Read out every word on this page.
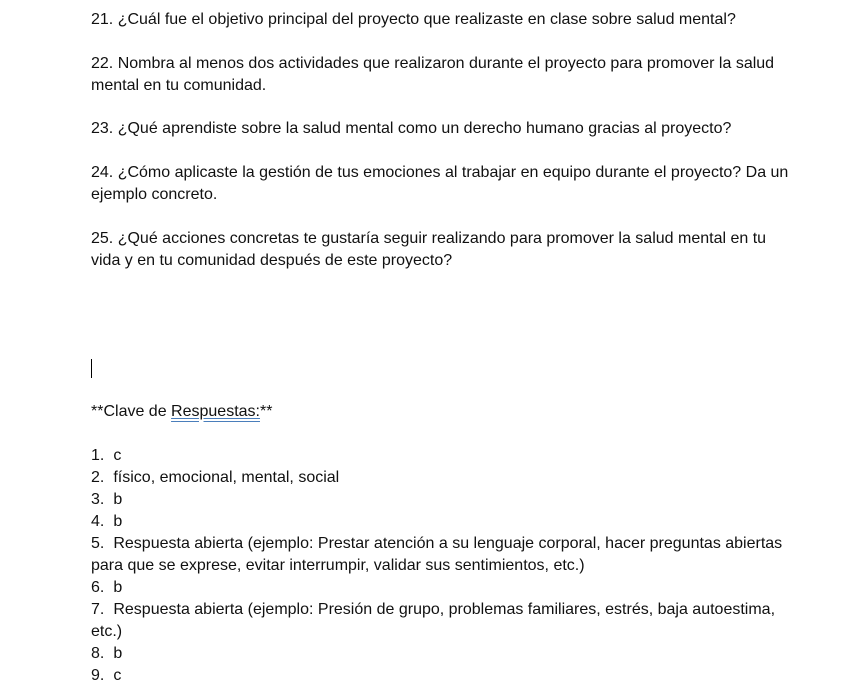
21. ¿Cuál fue el objetivo principal del proyecto que realizaste en clase sobre salud mental?
22. Nombra al menos dos actividades que realizaron durante el proyecto para promover la salud mental en tu comunidad.
23. ¿Qué aprendiste sobre la salud mental como un derecho humano gracias al proyecto?
24. ¿Cómo aplicaste la gestión de tus emociones al trabajar en equipo durante el proyecto? Da un ejemplo concreto.
25. ¿Qué acciones concretas te gustaría seguir realizando para promover la salud mental en tu vida y en tu comunidad después de este proyecto?
**Clave de Respuestas:**
1. c
2. físico, emocional, mental, social
3. b
4. b
5. Respuesta abierta (ejemplo: Prestar atención a su lenguaje corporal, hacer preguntas abiertas para que se exprese, evitar interrumpir, validar sus sentimientos, etc.)
6. b
7. Respuesta abierta (ejemplo: Presión de grupo, problemas familiares, estrés, baja autoestima, etc.)
8. b
9. c
